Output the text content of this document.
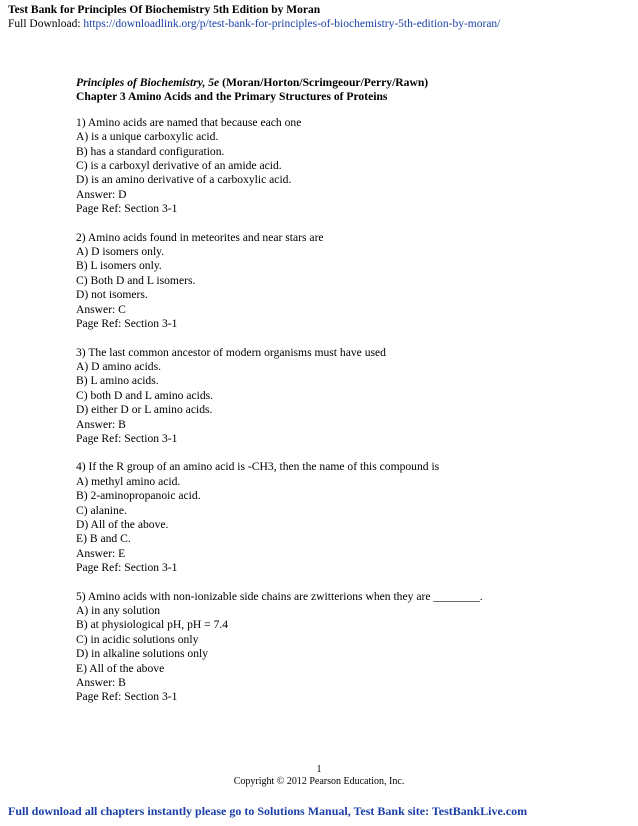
Test Bank for Principles Of Biochemistry 5th Edition by Moran
Full Download: https://downloadlink.org/p/test-bank-for-principles-of-biochemistry-5th-edition-by-moran/
Principles of Biochemistry, 5e (Moran/Horton/Scrimgeour/Perry/Rawn)
Chapter 3 Amino Acids and the Primary Structures of Proteins
1) Amino acids are named that because each one
A) is a unique carboxylic acid.
B) has a standard configuration.
C) is a carboxyl derivative of an amide acid.
D) is an amino derivative of a carboxylic acid.
Answer: D
Page Ref: Section 3-1
2) Amino acids found in meteorites and near stars are
A) D isomers only.
B) L isomers only.
C) Both D and L isomers.
D) not isomers.
Answer: C
Page Ref: Section 3-1
3) The last common ancestor of modern organisms must have used
A) D amino acids.
B) L amino acids.
C) both D and L amino acids.
D) either D or L amino acids.
Answer: B
Page Ref: Section 3-1
4) If the R group of an amino acid is -CH3, then the name of this compound is
A) methyl amino acid.
B) 2-aminopropanoic acid.
C) alanine.
D) All of the above.
E) B and C.
Answer: E
Page Ref: Section 3-1
5) Amino acids with non-ionizable side chains are zwitterions when they are ________.
A) in any solution
B) at physiological pH, pH = 7.4
C) in acidic solutions only
D) in alkaline solutions only
E) All of the above
Answer: B
Page Ref: Section 3-1
1
Copyright © 2012 Pearson Education, Inc.
Full download all chapters instantly please go to Solutions Manual, Test Bank site: TestBankLive.com
